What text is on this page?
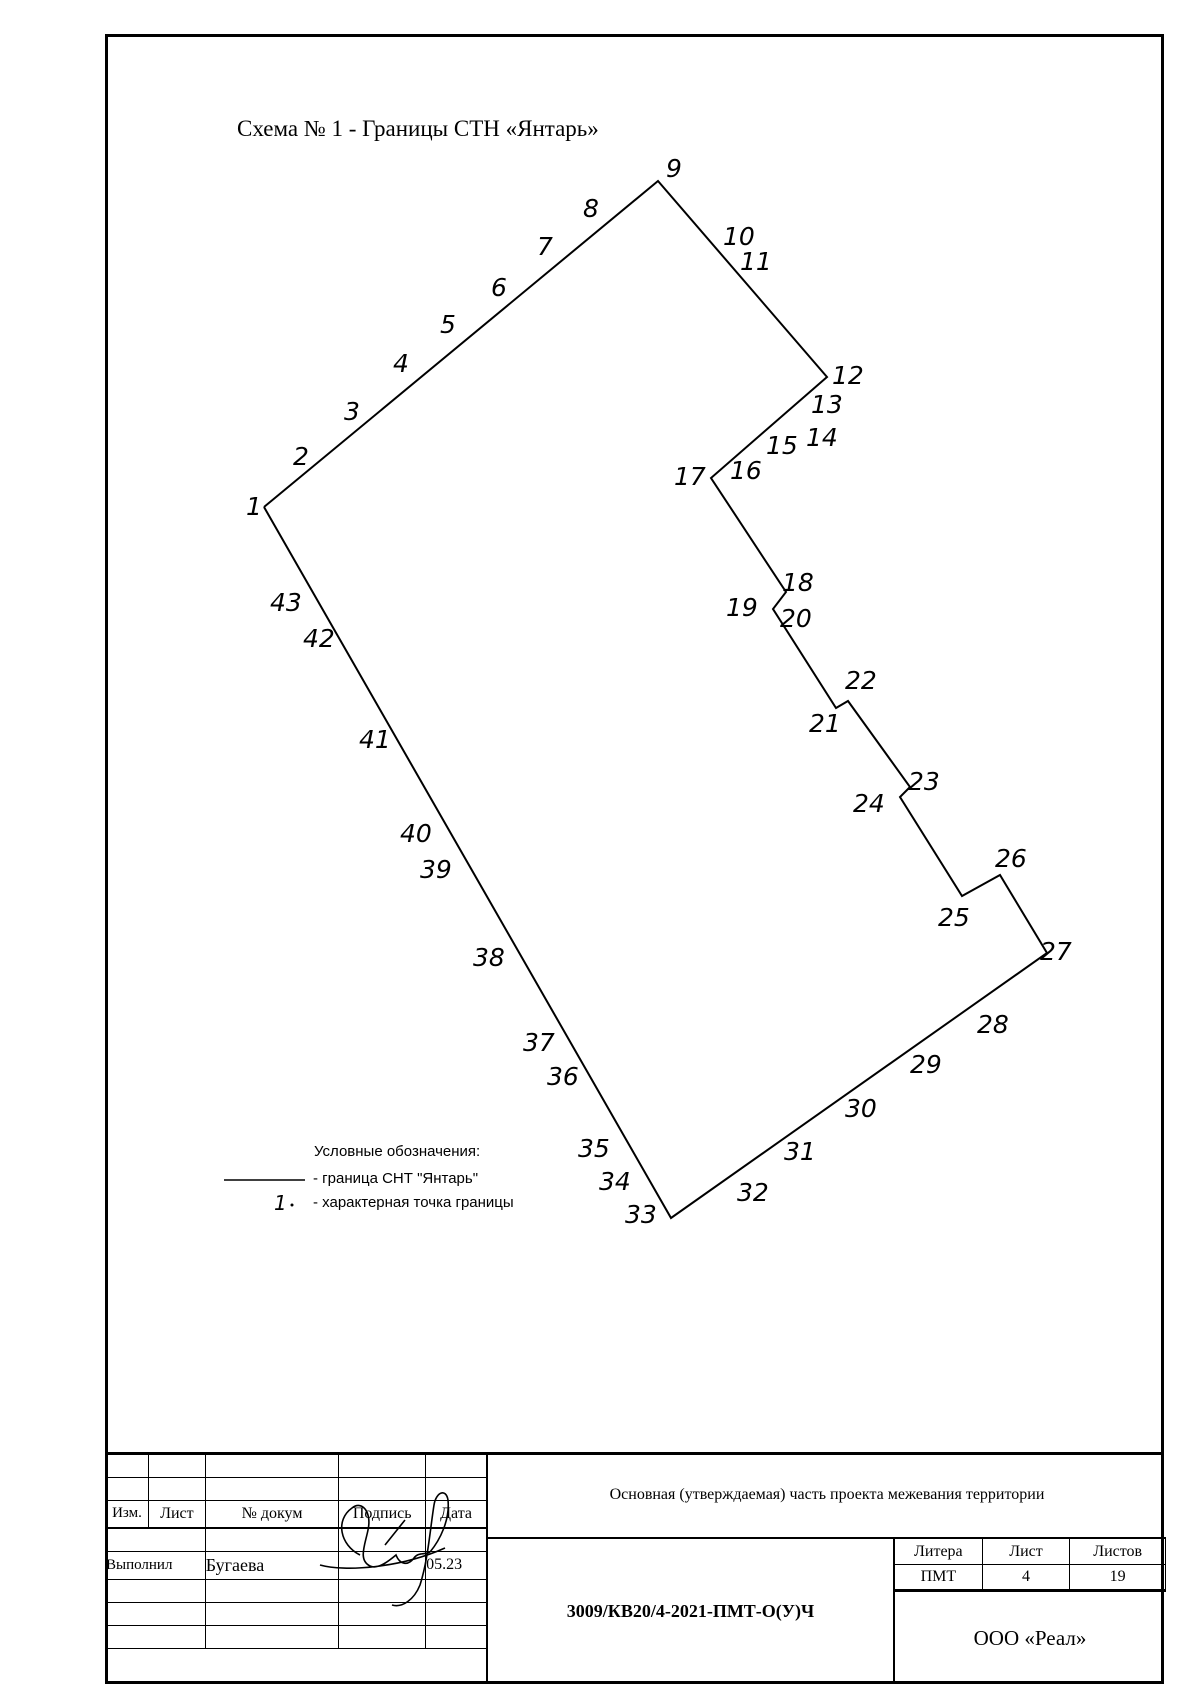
Схема № 1 - Границы СТН «Янтарь»
1
2
3
4
5
6
7
8
9
10
11
12
13
14
15
16
17
18
19 20
21
22
23
24
25
26
27
28
29
30
31
32
33
34
35
36
37
38
39
40
41
42
43
Условные обозначения:
- граница СНТ "Янтарь"
1 - характерная точка границы

Изм.	Лист	№ докум	Подпись	Дата

Выполнил		Бугаева		05.23

Основная (утверждаемая) часть проекта межевания территории
3009/КВ20/4-2021-ПМТ-О(У)Ч
Литера	Лист	Листов
ПМТ	4	19
ООО «Реал»
